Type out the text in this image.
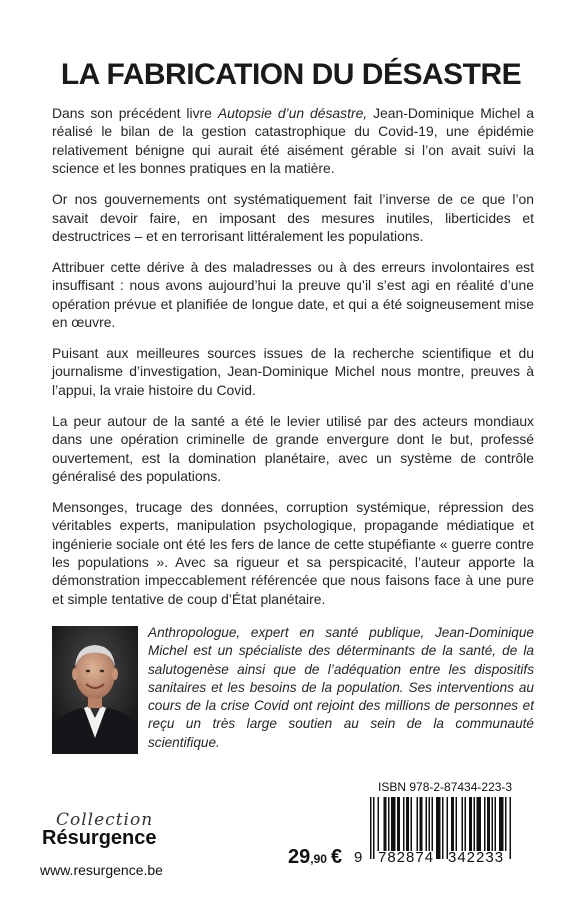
LA FABRICATION DU DÉSASTRE

Dans son précédent livre Autopsie d’un désastre, Jean-Dominique Michel a réalisé le bilan de la gestion catastrophique du Covid-19, une épidémie relativement bénigne qui aurait été aisément gérable si l’on avait suivi la science et les bonnes pratiques en la matière.

Or nos gouvernements ont systématiquement fait l’inverse de ce que l’on savait devoir faire, en imposant des mesures inutiles, liberticides et destructrices – et en terrorisant littéralement les populations.

Attribuer cette dérive à des maladresses ou à des erreurs involontaires est insuffisant : nous avons aujourd’hui la preuve qu’il s’est agi en réalité d’une opération prévue et planifiée de longue date, et qui a été soigneusement mise en œuvre.

Puisant aux meilleures sources issues de la recherche scientifique et du journalisme d’investigation, Jean-Dominique Michel nous montre, preuves à l’appui, la vraie histoire du Covid.

La peur autour de la santé a été le levier utilisé par des acteurs mondiaux dans une opération criminelle de grande envergure dont le but, professé ouvertement, est la domination planétaire, avec un système de contrôle généralisé des populations.

Mensonges, trucage des données, corruption systémique, répression des véritables experts, manipulation psychologique, propagande médiatique et ingénierie sociale ont été les fers de lance de cette stupéfiante « guerre contre les populations ». Avec sa rigueur et sa perspicacité, l’auteur apporte la démonstration impeccablement référencée que nous faisons face à une pure et simple tentative de coup d’État planétaire.

Anthropologue, expert en santé publique, Jean-Dominique Michel est un spécialiste des déterminants de la santé, de la salutogenèse ainsi que de l’adéquation entre les dispositifs sanitaires et les besoins de la population. Ses interventions au cours de la crise Covid ont rejoint des millions de personnes et reçu un très large soutien au sein de la communauté scientifique.

Collection
Résurgence
www.resurgence.be
29,90 €
ISBN 978-2-87434-223-3
9 782874 342233
